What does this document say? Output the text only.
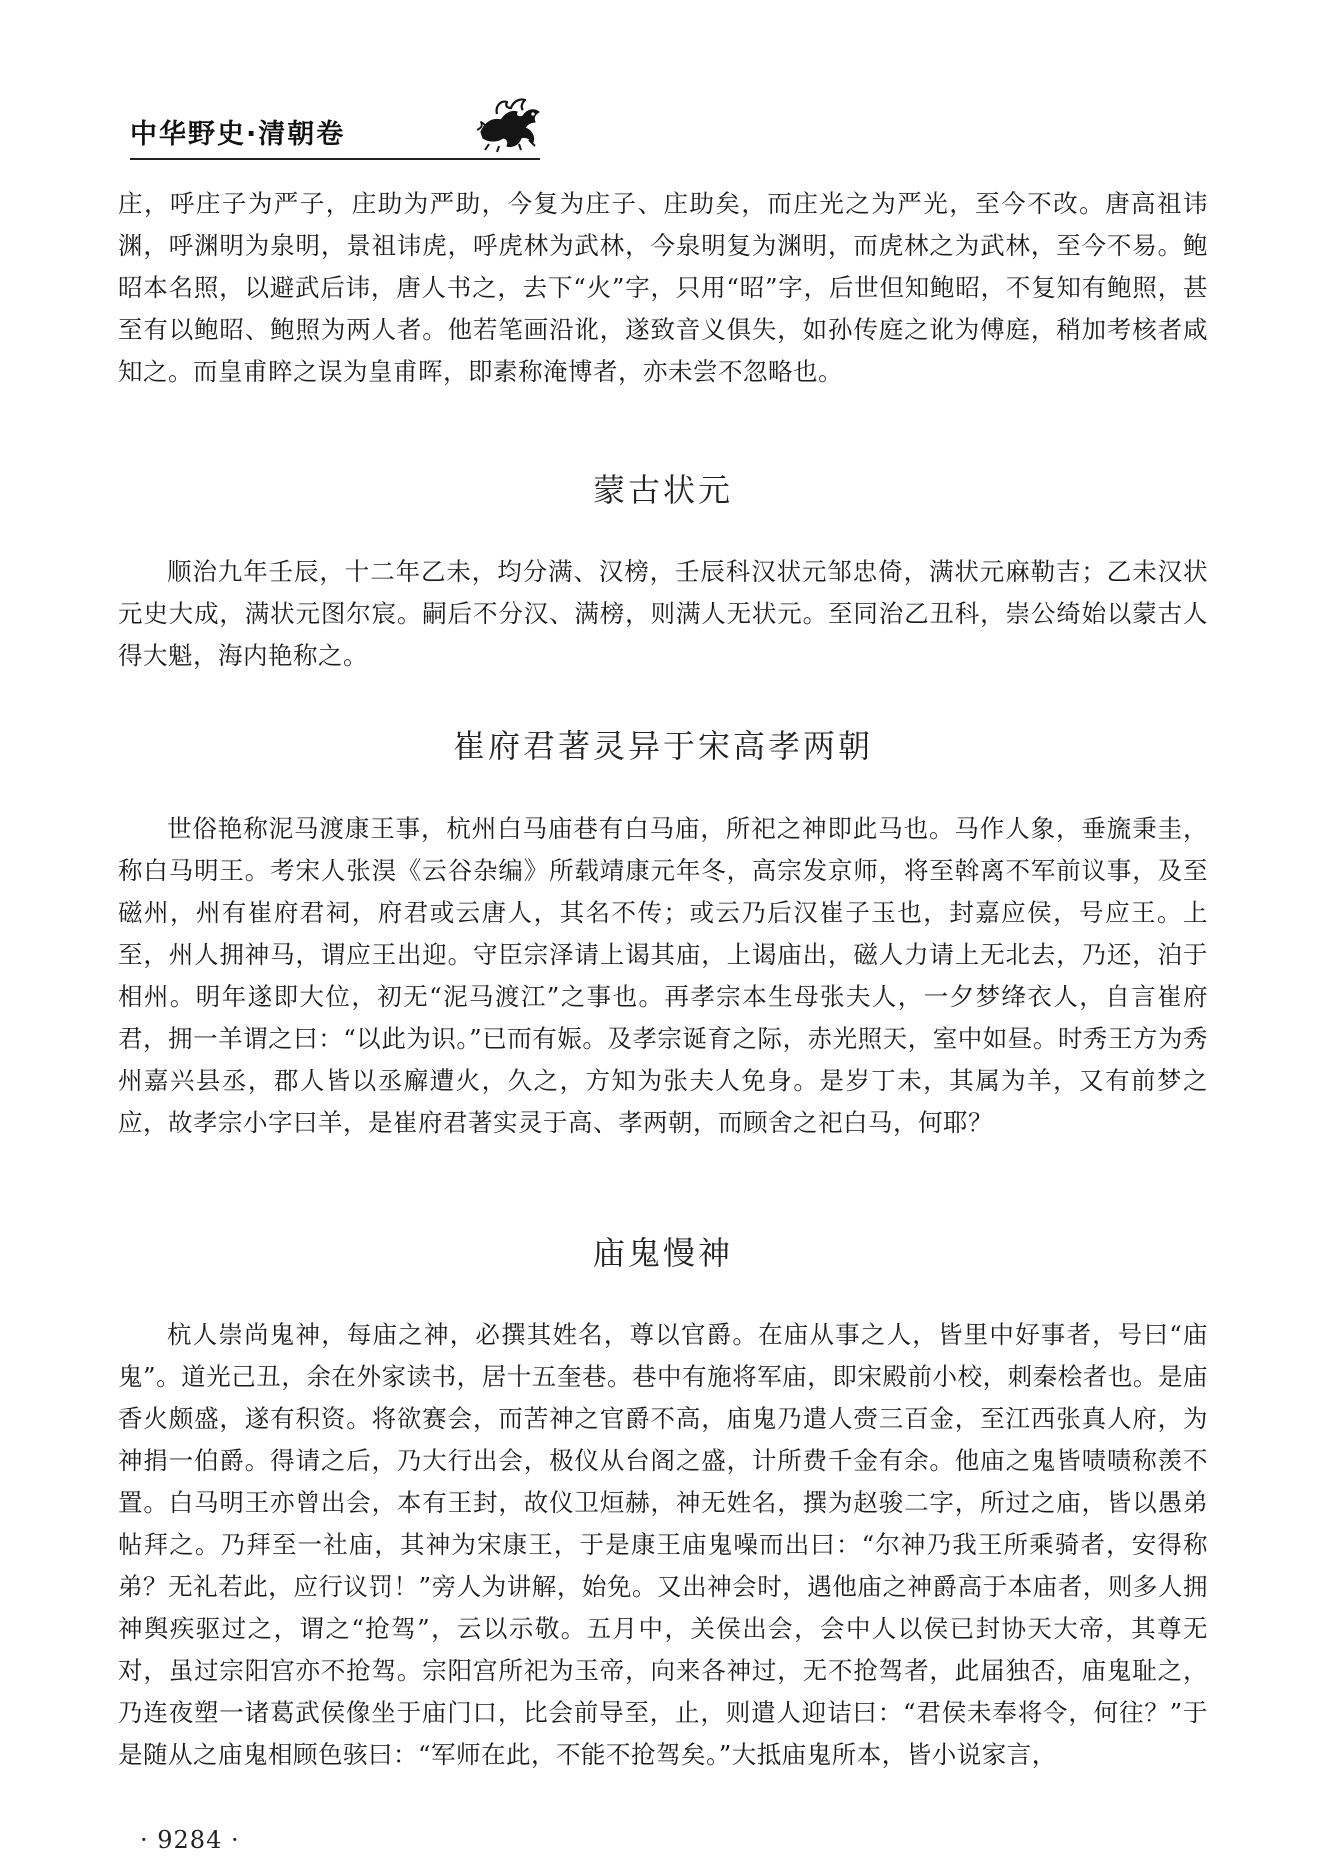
中华野史·清朝卷

庄，呼庄子为严子，庄助为严助，今复为庄子、庄助矣，而庄光之为严光，至今不改。唐高祖讳渊，呼渊明为泉明，景祖讳虎，呼虎林为武林，今泉明复为渊明，而虎林之为武林，至今不易。鲍昭本名照，以避武后讳，唐人书之，去下“火”字，只用“昭”字，后世但知鲍昭，不复知有鲍照，甚至有以鲍昭、鲍照为两人者。他若笔画沿讹，遂致音义俱失，如孙传庭之讹为傅庭，稍加考核者咸知之。而皇甫睟之误为皇甫晖，即素称淹博者，亦未尝不忽略也。

蒙古状元

顺治九年壬辰，十二年乙未，均分满、汉榜，壬辰科汉状元邹忠倚，满状元麻勒吉；乙未汉状元史大成，满状元图尔宸。嗣后不分汉、满榜，则满人无状元。至同治乙丑科，崇公绮始以蒙古人得大魁，海内艳称之。

崔府君著灵异于宋高孝两朝

世俗艳称泥马渡康王事，杭州白马庙巷有白马庙，所祀之神即此马也。马作人象，垂旒秉圭，称白马明王。考宋人张淏《云谷杂编》所载靖康元年冬，高宗发京师，将至斡离不军前议事，及至磁州，州有崔府君祠，府君或云唐人，其名不传；或云乃后汉崔子玉也，封嘉应侯，号应王。上至，州人拥神马，谓应王出迎。守臣宗泽请上谒其庙，上谒庙出，磁人力请上无北去，乃还，泊于相州。明年遂即大位，初无“泥马渡江”之事也。再孝宗本生母张夫人，一夕梦绛衣人，自言崔府君，拥一羊谓之曰：“以此为识。”已而有娠。及孝宗诞育之际，赤光照天，室中如昼。时秀王方为秀州嘉兴县丞，郡人皆以丞廨遭火，久之，方知为张夫人免身。是岁丁未，其属为羊，又有前梦之应，故孝宗小字曰羊，是崔府君著实灵于高、孝两朝，而顾舍之祀白马，何耶？

庙鬼慢神

杭人崇尚鬼神，每庙之神，必撰其姓名，尊以官爵。在庙从事之人，皆里中好事者，号曰“庙鬼”。道光己丑，余在外家读书，居十五奎巷。巷中有施将军庙，即宋殿前小校，刺秦桧者也。是庙香火颇盛，遂有积资。将欲赛会，而苦神之官爵不高，庙鬼乃遣人赍三百金，至江西张真人府，为神捐一伯爵。得请之后，乃大行出会，极仪从台阁之盛，计所费千金有余。他庙之鬼皆啧啧称羡不置。白马明王亦曾出会，本有王封，故仪卫烜赫，神无姓名，撰为赵骏二字，所过之庙，皆以愚弟帖拜之。乃拜至一社庙，其神为宋康王，于是康王庙鬼噪而出曰：“尔神乃我王所乘骑者，安得称弟？无礼若此，应行议罚！”旁人为讲解，始免。又出神会时，遇他庙之神爵高于本庙者，则多人拥神舆疾驱过之，谓之“抢驾”，云以示敬。五月中，关侯出会，会中人以侯已封协天大帝，其尊无对，虽过宗阳宫亦不抢驾。宗阳宫所祀为玉帝，向来各神过，无不抢驾者，此届独否，庙鬼耻之，乃连夜塑一诸葛武侯像坐于庙门口，比会前导至，止，则遣人迎诘曰：“君侯未奉将令，何往？”于是随从之庙鬼相顾色骇曰：“军师在此，不能不抢驾矣。”大抵庙鬼所本，皆小说家言，

· 9284 ·
